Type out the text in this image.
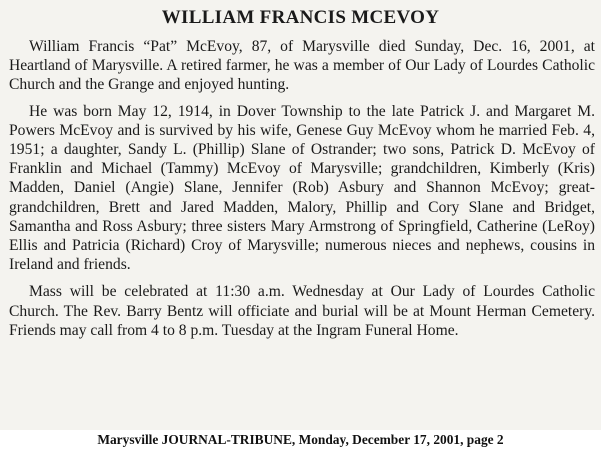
WILLIAM FRANCIS MCEVOY

William Francis “Pat” McEvoy, 87, of Marysville died Sunday, Dec. 16, 2001, at Heartland of Marysville. A retired farmer, he was a member of Our Lady of Lourdes Catholic Church and the Grange and enjoyed hunting.

He was born May 12, 1914, in Dover Township to the late Patrick J. and Margaret M. Powers McEvoy and is survived by his wife, Genese Guy McEvoy whom he married Feb. 4, 1951; a daughter, Sandy L. (Phillip) Slane of Ostrander; two sons, Patrick D. McEvoy of Franklin and Michael (Tammy) McEvoy of Marysville; grandchildren, Kimberly (Kris) Madden, Daniel (Angie) Slane, Jennifer (Rob) Asbury and Shannon McEvoy; great-grandchildren, Brett and Jared Madden, Malory, Phillip and Cory Slane and Bridget, Samantha and Ross Asbury; three sisters Mary Armstrong of Springfield, Catherine (LeRoy) Ellis and Patricia (Richard) Croy of Marysville; numerous nieces and nephews, cousins in Ireland and friends.

Mass will be celebrated at 11:30 a.m. Wednesday at Our Lady of Lourdes Catholic Church. The Rev. Barry Bentz will officiate and burial will be at Mount Herman Cemetery. Friends may call from 4 to 8 p.m. Tuesday at the Ingram Funeral Home.

Marysville JOURNAL-TRIBUNE, Monday, December 17, 2001, page 2
